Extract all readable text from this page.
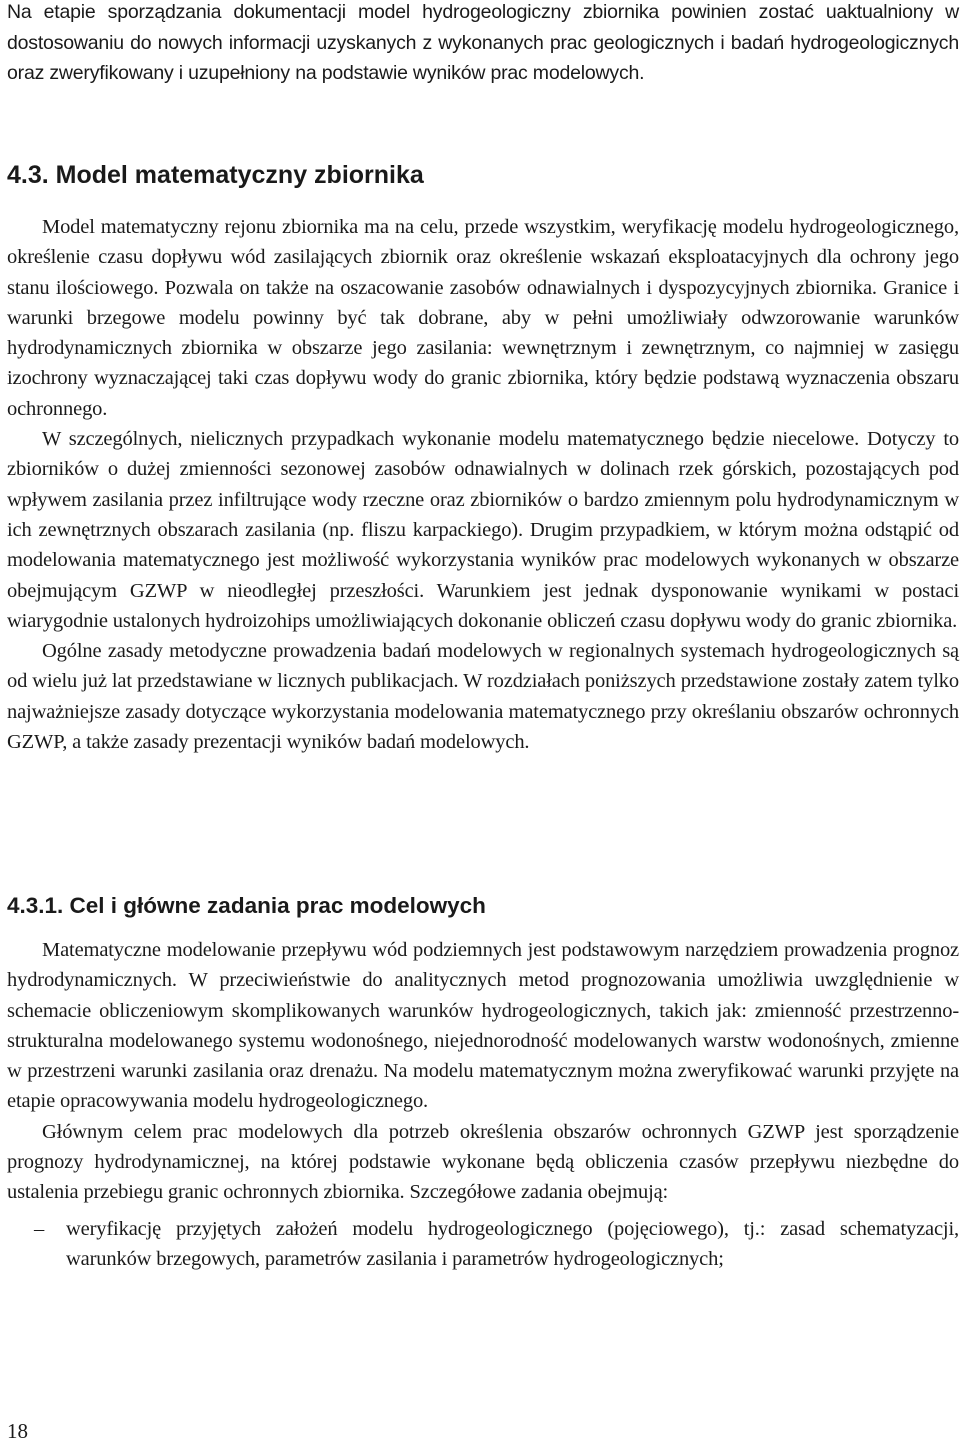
Na etapie sporządzania dokumentacji model hydrogeologiczny zbiornika powinien zostać uaktualniony w dostosowaniu do nowych informacji uzyskanych z wykonanych prac geologicznych i badań hydrogeologicznych oraz zweryfikowany i uzupełniony na podstawie wyników prac modelowych.

4.3. Model matematyczny zbiornika

Model matematyczny rejonu zbiornika ma na celu, przede wszystkim, weryfikację modelu hydrogeologicznego, określenie czasu dopływu wód zasilających zbiornik oraz określenie wskazań eksploatacyjnych dla ochrony jego stanu ilościowego. Pozwala on także na oszacowanie zasobów odnawialnych i dyspozycyjnych zbiornika. Granice i warunki brzegowe modelu powinny być tak dobrane, aby w pełni umożliwiały odwzorowanie warunków hydrodynamicznych zbiornika w obszarze jego zasilania: wewnętrznym i zewnętrznym, co najmniej w zasięgu izochrony wyznaczającej taki czas dopływu wody do granic zbiornika, który będzie podstawą wyznaczenia obszaru ochronnego.

W szczególnych, nielicznych przypadkach wykonanie modelu matematycznego będzie niecelowe. Dotyczy to zbiorników o dużej zmienności sezonowej zasobów odnawialnych w dolinach rzek górskich, pozostających pod wpływem zasilania przez infiltrujące wody rzeczne oraz zbiorników o bardzo zmiennym polu hydrodynamicznym w ich zewnętrznych obszarach zasilania (np. fliszu karpackiego). Drugim przypadkiem, w którym można odstąpić od modelowania matematycznego jest możliwość wykorzystania wyników prac modelowych wykonanych w obszarze obejmującym GZWP w nieodległej przeszłości. Warunkiem jest jednak dysponowanie wynikami w postaci wiarygodnie ustalonych hydroizohips umożliwiających dokonanie obliczeń czasu dopływu wody do granic zbiornika.

Ogólne zasady metodyczne prowadzenia badań modelowych w regionalnych systemach hydrogeologicznych są od wielu już lat przedstawiane w licznych publikacjach. W rozdziałach poniższych przedstawione zostały zatem tylko najważniejsze zasady dotyczące wykorzystania modelowania matematycznego przy określaniu obszarów ochronnych GZWP, a także zasady prezentacji wyników badań modelowych.

4.3.1. Cel i główne zadania prac modelowych

Matematyczne modelowanie przepływu wód podziemnych jest podstawowym narzędziem prowadzenia prognoz hydrodynamicznych. W przeciwieństwie do analitycznych metod prognozowania umożliwia uwzględnienie w schemacie obliczeniowym skomplikowanych warunków hydrogeologicznych, takich jak: zmienność przestrzenno-strukturalna modelowanego systemu wodonośnego, niejednorodność modelowanych warstw wodonośnych, zmienne w przestrzeni warunki zasilania oraz drenażu. Na modelu matematycznym można zweryfikować warunki przyjęte na etapie opracowywania modelu hydrogeologicznego.

Głównym celem prac modelowych dla potrzeb określenia obszarów ochronnych GZWP jest sporządzenie prognozy hydrodynamicznej, na której podstawie wykonane będą obliczenia czasów przepływu niezbędne do ustalenia przebiegu granic ochronnych zbiornika. Szczegółowe zadania obejmują:

– weryfikację przyjętych założeń modelu hydrogeologicznego (pojęciowego), tj.: zasad schematyzacji, warunków brzegowych, parametrów zasilania i parametrów hydrogeologicznych;
18
